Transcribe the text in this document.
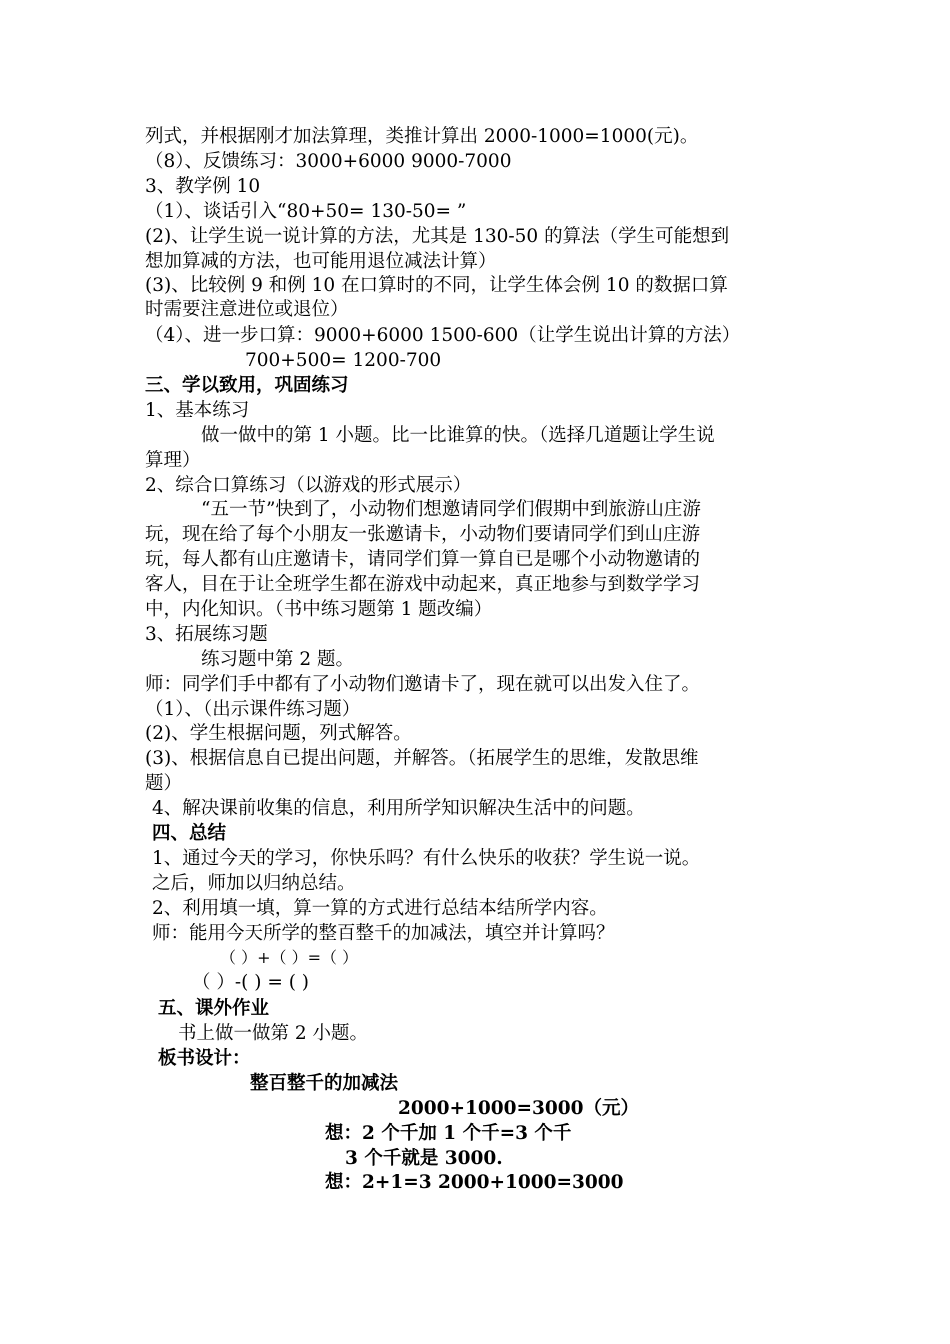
列式，并根据刚才加法算理，类推计算出 2000-1000=1000(元)。
（8）、反馈练习：3000+6000 9000-7000
3、教学例 10
（1）、谈话引入“80+50= 130-50= ”
(2)、让学生说一说计算的方法，尤其是 130-50 的算法（学生可能想到
想加算减的方法，也可能用退位减法计算）
(3)、比较例 9 和例 10 在口算时的不同，让学生体会例 10 的数据口算
时需要注意进位或退位）
（4）、进一步口算：9000+6000 1500-600（让学生说出计算的方法）
700+500= 1200-700
三、学以致用，巩固练习
1、基本练习
做一做中的第 1 小题。比一比谁算的快。（选择几道题让学生说
算理）
2、综合口算练习（以游戏的形式展示）
“五一节”快到了，小动物们想邀请同学们假期中到旅游山庄游
玩，现在给了每个小朋友一张邀请卡，小动物们要请同学们到山庄游
玩，每人都有山庄邀请卡，请同学们算一算自已是哪个小动物邀请的
客人，目在于让全班学生都在游戏中动起来，真正地参与到数学学习
中，内化知识。（书中练习题第 1 题改编）
3、拓展练习题
练习题中第 2 题。
师：同学们手中都有了小动物们邀请卡了，现在就可以出发入住了。
（1）、（出示课件练习题）
(2)、学生根据问题，列式解答。
(3)、根据信息自已提出问题，并解答。（拓展学生的思维，发散思维
题）
4、解决课前收集的信息，利用所学知识解决生活中的问题。
四、总结
1、通过今天的学习，你快乐吗？有什么快乐的收获？学生说一说。
之后，师加以归纳总结。
2、利用填一填，算一算的方式进行总结本结所学内容。
师：能用今天所学的整百整千的加减法，填空并计算吗？
（ ）+（ ）=（ ）
（ ）-( ) = ( )
五、课外作业
书上做一做第 2 小题。
板书设计：
整百整千的加减法
2000+1000=3000（元）
想：2 个千加 1 个千=3 个千
3 个千就是 3000.
想：2+1=3 2000+1000=3000
